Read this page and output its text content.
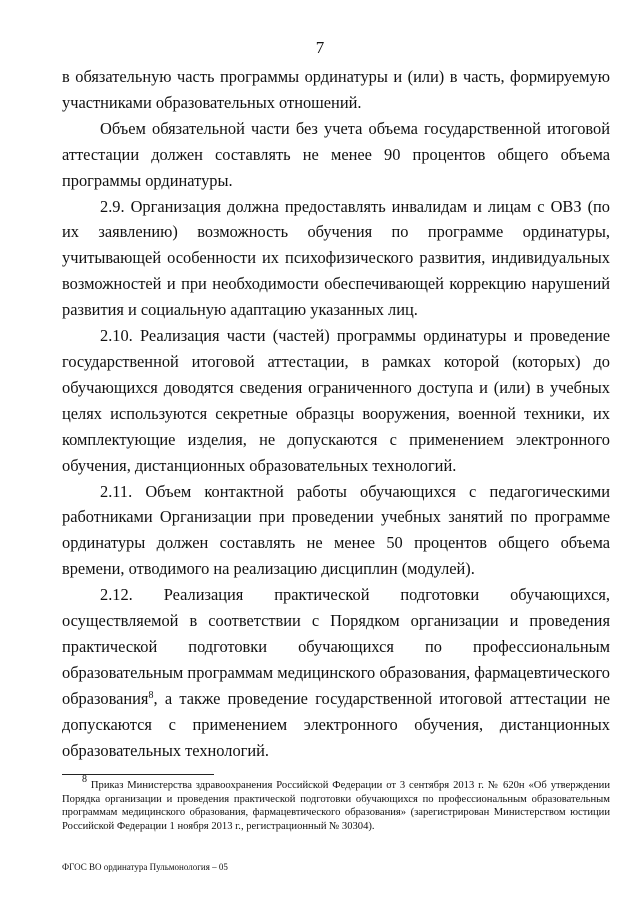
7

в обязательную часть программы ординатуры и (или) в часть, формируемую участниками образовательных отношений.

Объем обязательной части без учета объема государственной итоговой аттестации должен составлять не менее 90 процентов общего объема программы ординатуры.

2.9. Организация должна предоставлять инвалидам и лицам с ОВЗ (по их заявлению) возможность обучения по программе ординатуры, учитывающей особенности их психофизического развития, индивидуальных возможностей и при необходимости обеспечивающей коррекцию нарушений развития и социальную адаптацию указанных лиц.

2.10. Реализация части (частей) программы ординатуры и проведение государственной итоговой аттестации, в рамках которой (которых) до обучающихся доводятся сведения ограниченного доступа и (или) в учебных целях используются секретные образцы вооружения, военной техники, их комплектующие изделия, не допускаются с применением электронного обучения, дистанционных образовательных технологий.

2.11. Объем контактной работы обучающихся с педагогическими работниками Организации при проведении учебных занятий по программе ординатуры должен составлять не менее 50 процентов общего объема времени, отводимого на реализацию дисциплин (модулей).

2.12. Реализация практической подготовки обучающихся, осуществляемой в соответствии с Порядком организации и проведения практической подготовки обучающихся по профессиональным образовательным программам медицинского образования, фармацевтического образования$^8$, а также проведение государственной итоговой аттестации не допускаются с применением электронного обучения, дистанционных образовательных технологий.

$^8$ Приказ Министерства здравоохранения Российской Федерации от 3 сентября 2013 г. № 620н «Об утверждении Порядка организации и проведения практической подготовки обучающихся по профессиональным образовательным программам медицинского образования, фармацевтического образования» (зарегистрирован Министерством юстиции Российской Федерации 1 ноября 2013 г., регистрационный № 30304).
ФГОС ВО ординатура Пульмонология – 05
